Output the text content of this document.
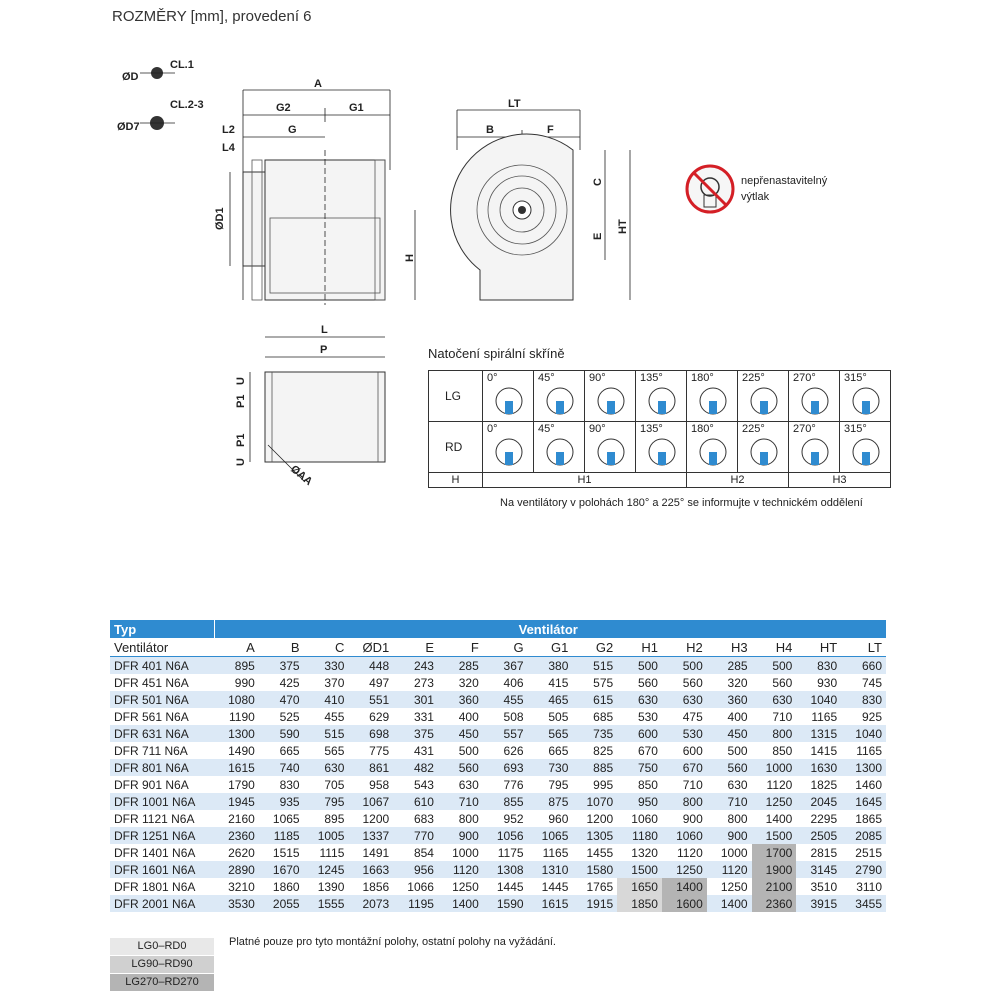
ROZMĚRY [mm], provedení 6
ØD
CL.1
ØD7
CL.2-3
A
G2	G1
L2	G
L4
ØD1
H
LT
B	F
C
E
HT
L
P
U
P1
P1
U
ØAA
nepřenastavitelný
výtlak
Natočení spirální skříně
LG	0°	45°	90°	135°	180°	225°	270°	315°

RD	0°	45°	90°	135°	180°	225°	270°	315°

H	H1				H2		H3	
Na ventilátory v polohách 180° a 225° se informujte v technickém oddělení
Typ	Ventilátor														
Ventilátor	A	B	C	ØD1	E	F	G	G1	G2	H1	H2	H3	H4	HT	LT
DFR 401 N6A	895	375	330	448	243	285	367	380	515	500	500	285	500	830	660
DFR 451 N6A	990	425	370	497	273	320	406	415	575	560	560	320	560	930	745
DFR 501 N6A	1080	470	410	551	301	360	455	465	615	630	630	360	630	1040	830
DFR 561 N6A	1190	525	455	629	331	400	508	505	685	530	475	400	710	1165	925
DFR 631 N6A	1300	590	515	698	375	450	557	565	735	600	530	450	800	1315	1040
DFR 711 N6A	1490	665	565	775	431	500	626	665	825	670	600	500	850	1415	1165
DFR 801 N6A	1615	740	630	861	482	560	693	730	885	750	670	560	1000	1630	1300
DFR 901 N6A	1790	830	705	958	543	630	776	795	995	850	710	630	1120	1825	1460
DFR 1001 N6A	1945	935	795	1067	610	710	855	875	1070	950	800	710	1250	2045	1645
DFR 1121 N6A	2160	1065	895	1200	683	800	952	960	1200	1060	900	800	1400	2295	1865
DFR 1251 N6A	2360	1185	1005	1337	770	900	1056	1065	1305	1180	1060	900	1500	2505	2085
DFR 1401 N6A	2620	1515	1115	1491	854	1000	1175	1165	1455	1320	1120	1000	1700	2815	2515
DFR 1601 N6A	2890	1670	1245	1663	956	1120	1308	1310	1580	1500	1250	1120	1900	3145	2790
DFR 1801 N6A	3210	1860	1390	1856	1066	1250	1445	1445	1765	1650	1400	1250	2100	3510	3110
DFR 2001 N6A	3530	2055	1555	2073	1195	1400	1590	1615	1915	1850	1600	1400	2360	3915	3455
LG0–RD0
LG90–RD90
LG270–RD270
Platné pouze pro tyto montážní polohy, ostatní polohy na vyžádání.
